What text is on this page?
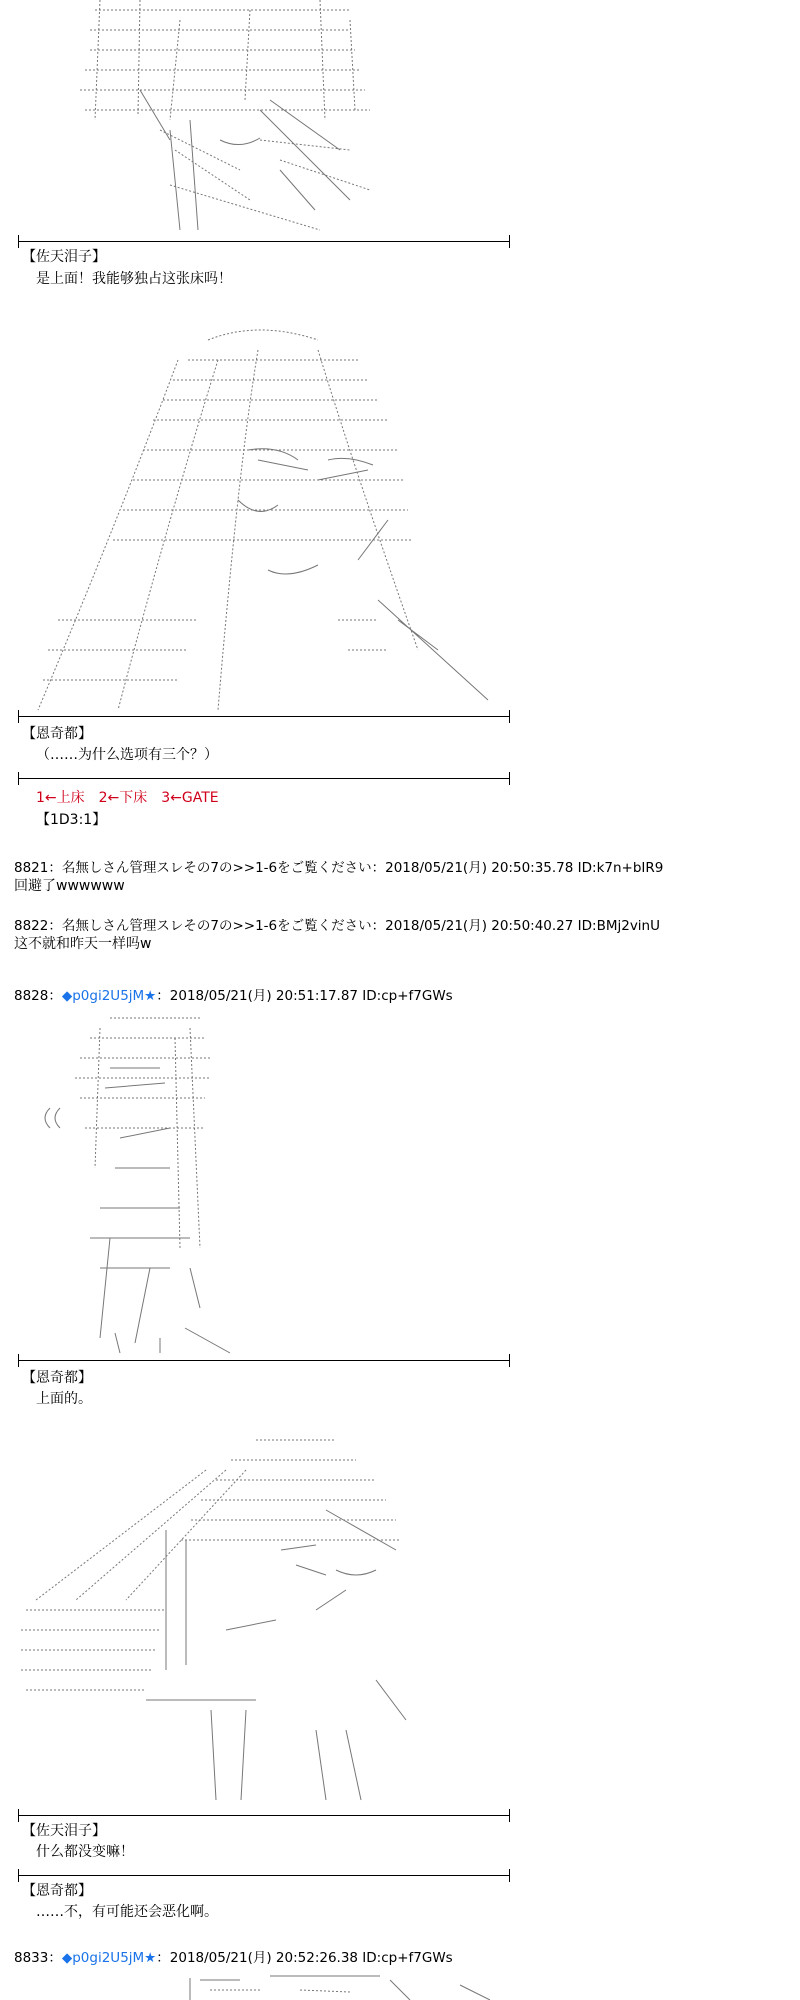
【佐天泪子】
是上面！我能够独占这张床吗！
【恩奇都】
（……为什么选项有三个？）
1←上床　2←下床　3←GATE
【1D3:1】
8821：名無しさん管理スレその7の>>1-6をご覧ください：2018/05/21(月) 20:50:35.78 ID:k7n+bIR9
回避了wwwwww
8822：名無しさん管理スレその7の>>1-6をご覧ください：2018/05/21(月) 20:50:40.27 ID:BMj2vinU
这不就和昨天一样吗w
8828：◆p0gi2U5jM★：2018/05/21(月) 20:51:17.87 ID:cp+f7GWs
【恩奇都】
上面的。
【佐天泪子】
什么都没变嘛！
【恩奇都】
……不，有可能还会恶化啊。
8833：◆p0gi2U5jM★：2018/05/21(月) 20:52:26.38 ID:cp+f7GWs
